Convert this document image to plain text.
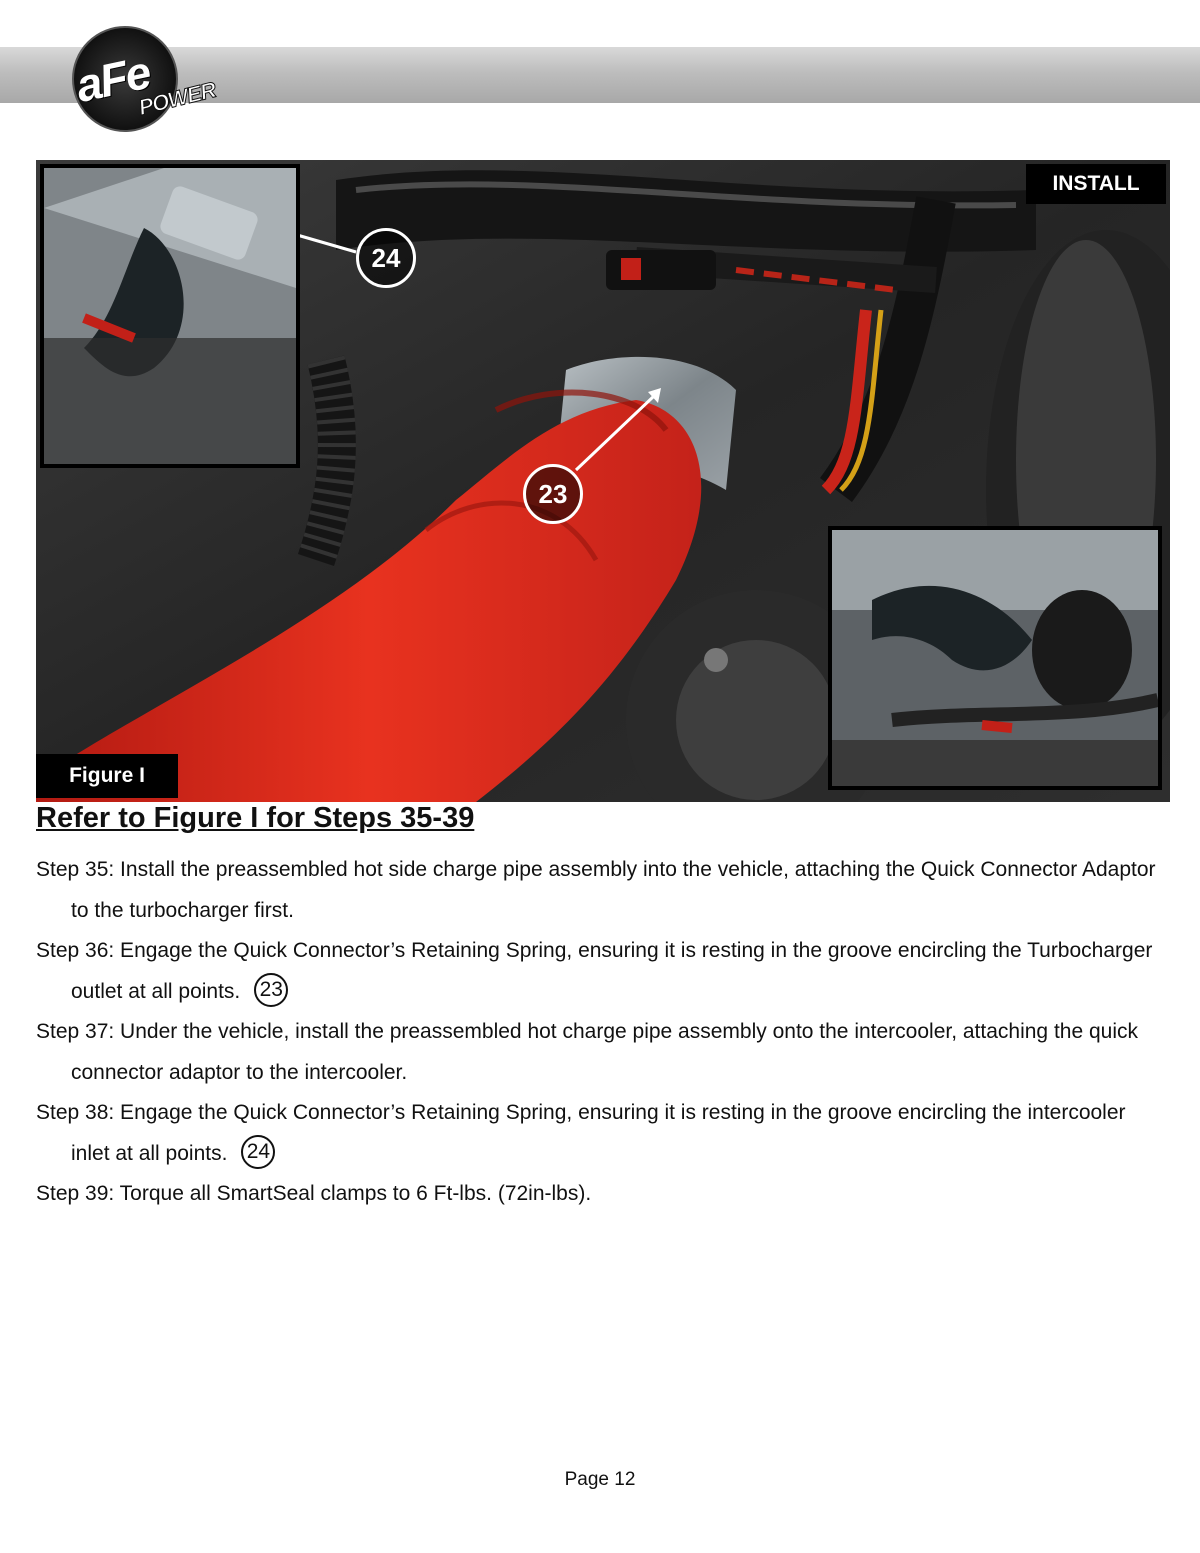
aFe
POWER
24
23
INSTALL
Figure I
Refer to Figure I for Steps 35-39
Step 35: Install the preassembled hot side charge pipe assembly into the vehicle, attaching the Quick Connector Adaptor to the turbocharger first.
Step 36: Engage the Quick Connector’s Retaining Spring, ensuring it is resting in the groove encircling the Turbocharger outlet at all points. 23
Step 37: Under the vehicle, install the preassembled hot charge pipe assembly onto the intercooler, attaching the quick connector adaptor to the intercooler.
Step 38: Engage the Quick Connector’s Retaining Spring, ensuring it is resting in the groove encircling the intercooler inlet at all points. 24
Step 39: Torque all SmartSeal clamps to 6 Ft-lbs. (72in-lbs).
Page 12
